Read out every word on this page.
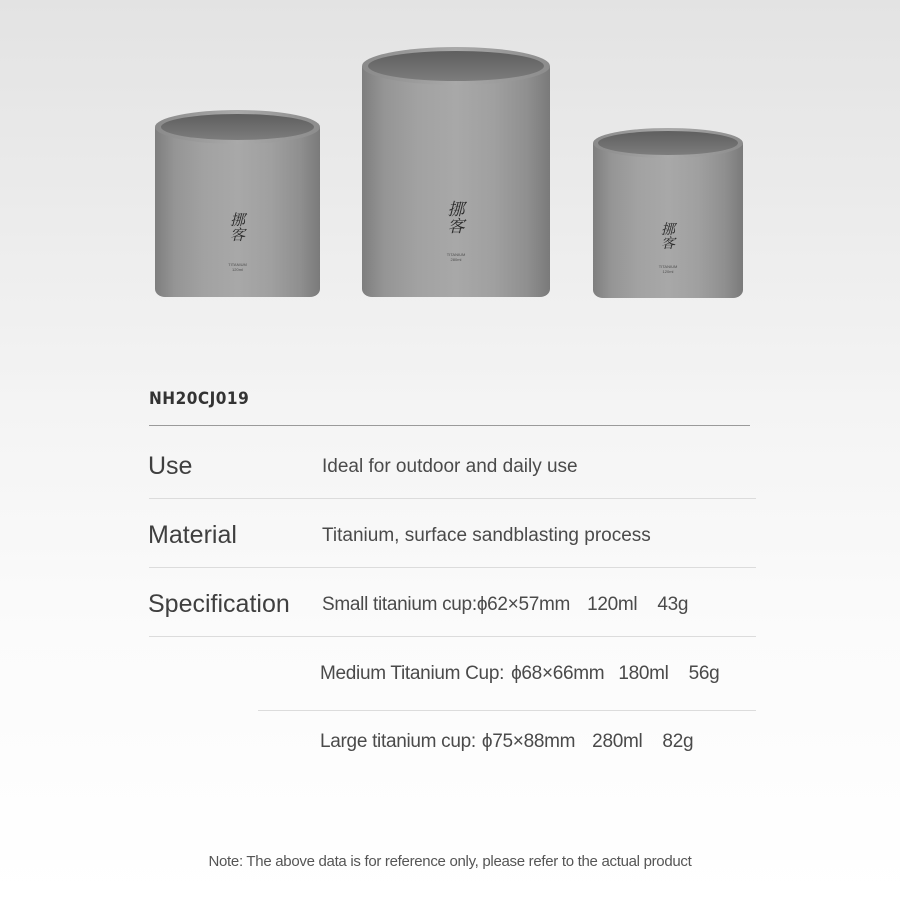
挪客
TITANIUM
120ml
挪客
TITANIUM
280ml
挪客
TITANIUM
120ml
NH20CJ019
Use	Ideal for outdoor and daily use
Material	Titanium, surface sandblasting process
Specification Small titanium cup:ϕ62×57mm 120ml 43g
Medium Titanium Cup: ϕ68×66mm 180ml 56g
Large titanium cup: ϕ75×88mm 280ml 82g
Note: The above data is for reference only, please refer to the actual product
